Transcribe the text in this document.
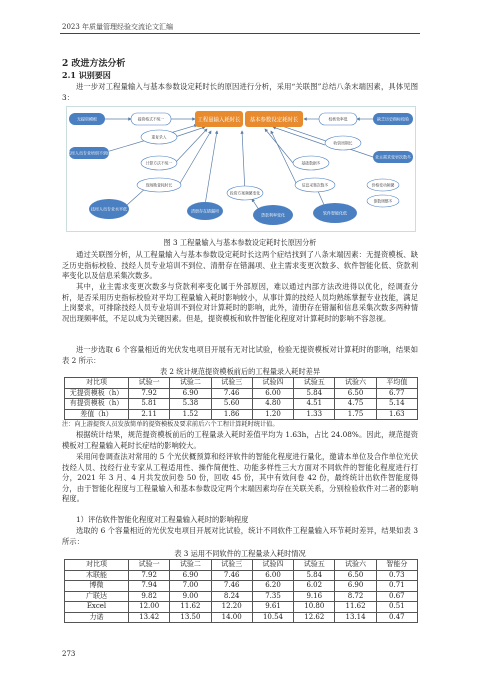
2023 年质量管理经验交流论文汇编
2 改进方法分析
2.1 识别要因
进一步对工程量输入与基本参数设定耗时长的原因进行分析，采用“关联图”总结八条末端因素，具体见图 3：
工程量输入耗时长 基本参数设定耗时长
无提资模板	缺乏历史指标校验
技经人员专业培训不到位
业主需求变更次数多
技经人员专业水平低	清册存在错漏项
贷款利率变化	软件智能化低
提资格式不统一	校核效率低
重复录入
计算方法不统一
现场勘查耗时长
投资方案频繁变化
基础数据多
信息采集次数多
收资周期长
价格变动频繁
参数调整多
图 3 工程量输入与基本参数设定耗时长原因分析
通过关联图分析，从工程量输入与基本参数设定耗时长这两个症结找到了八条末端因素：无提资模板、缺乏历史指标校验、技经人员专业培训不到位、清册存在错漏项、业主需求变更次数多、软件智能化低、贷款利率变化以及信息采集次数多。
其中，业主需求变更次数多与贷款利率变化属于外部原因，难以通过内部方法改进得以优化，经调查分析，是否采用历史指标校验对平均工程量输入耗时影响较小，从事计算的技经人员均熟练掌握专业技能，满足上岗要求，可排除技经人员专业培训不到位对计算耗时的影响，此外，清册存在错漏和信息采集次数多两种情况出现频率低，不足以成为关键因素。但是，提资模板和软件智能化程度对计算耗时的影响不容忽视。
进一步选取 6 个容量相近的光伏发电项目开展有无对比试验，检验无提资模板对计算耗时的影响，结果如表 2 所示：
表 2 统计规范提资模板前后的工程量录入耗时差异
对比项	试验一	试验二	试验三	试验四	试验五	试验六	平均值
无提资模板（h）	7.92	6.90	7.46	6.00	5.84	6.50	6.77
有提资模板（h）	5.81	5.38	5.60	4.80	4.51	4.75	5.14
差值（h）	2.11	1.52	1.86	1.20	1.33	1.75	1.63
注：向上游提资人员发放简单的提资模板及要求前后六个工程计算耗时统计值。
根据统计结果，规范提资模板前后的工程量录入耗时差值平均为 1.63h，占比 24.08%。因此，规范提资模板对工程量输入耗时长症结的影响较大。
采用问卷调查法对常用的 5 个光伏概预算和经评软件的智能化程度进行量化，邀请本单位及合作单位光伏技经人员、技经行业专家从工程适用性、操作简便性、功能多样性三大方面对不同软件的智能化程度进行打分，2021 年 3 月、4 月共发放问卷 50 份，回收 45 份，其中有效问卷 42 份，最终统计出软件智能度得分，由于智能化程度与工程量输入和基本参数设定两个末端因素均存在关联关系，分别检验软件对二者的影响程度。
1）评估软件智能化程度对工程量输入耗时的影响程度
选取的 6 个容量相近的光伏发电项目开展对比试验，统计不同软件工程量输入环节耗时差异，结果如表 3 所示：
表 3 运用不同软件的工程量录入耗时情况
对比项	试验一	试验二	试验三	试验四	试验五	试验六	智能分
木联能	7.92	6.90	7.46	6.00	5.84	6.50	0.73
博微	7.94	7.00	7.46	6.20	6.02	6.90	0.71
广联达	9.82	9.00	8.24	7.35	9.16	8.72	0.67
Excel	12.00	11.62	12.20	9.61	10.80	11.62	0.51
力诺	13.42	13.50	14.00	10.54	12.62	13.14	0.47
273
